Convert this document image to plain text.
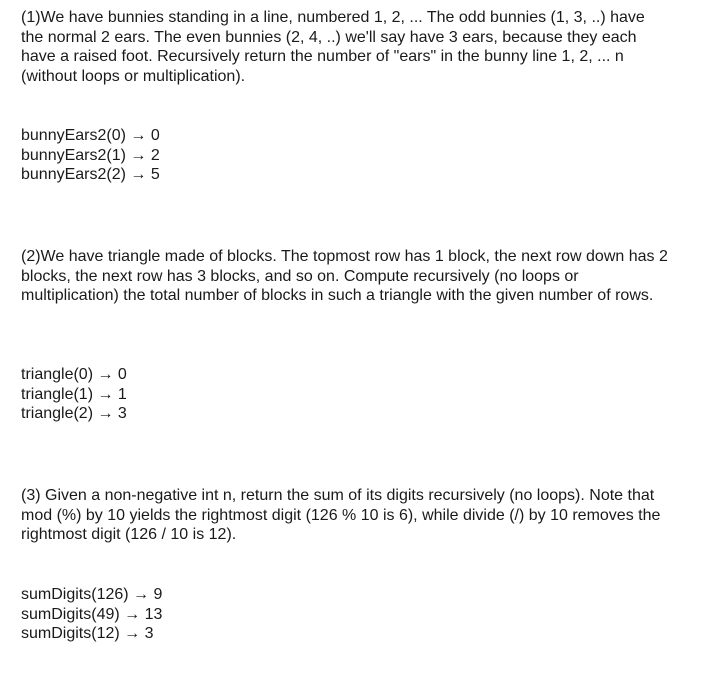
(1)We have bunnies standing in a line, numbered 1, 2, ... The odd bunnies (1, 3, ..) have the normal 2 ears. The even bunnies (2, 4, ..) we'll say have 3 ears, because they each have a raised foot. Recursively return the number of "ears" in the bunny line 1, 2, ... n (without loops or multiplication).

bunnyEars2(0) → 0
bunnyEars2(1) → 2
bunnyEars2(2) → 5

(2)We have triangle made of blocks. The topmost row has 1 block, the next row down has 2 blocks, the next row has 3 blocks, and so on. Compute recursively (no loops or multiplication) the total number of blocks in such a triangle with the given number of rows.

triangle(0) → 0
triangle(1) → 1
triangle(2) → 3

(3) Given a non-negative int n, return the sum of its digits recursively (no loops). Note that mod (%) by 10 yields the rightmost digit (126 % 10 is 6), while divide (/) by 10 removes the rightmost digit (126 / 10 is 12).

sumDigits(126) → 9
sumDigits(49) → 13
sumDigits(12) → 3
